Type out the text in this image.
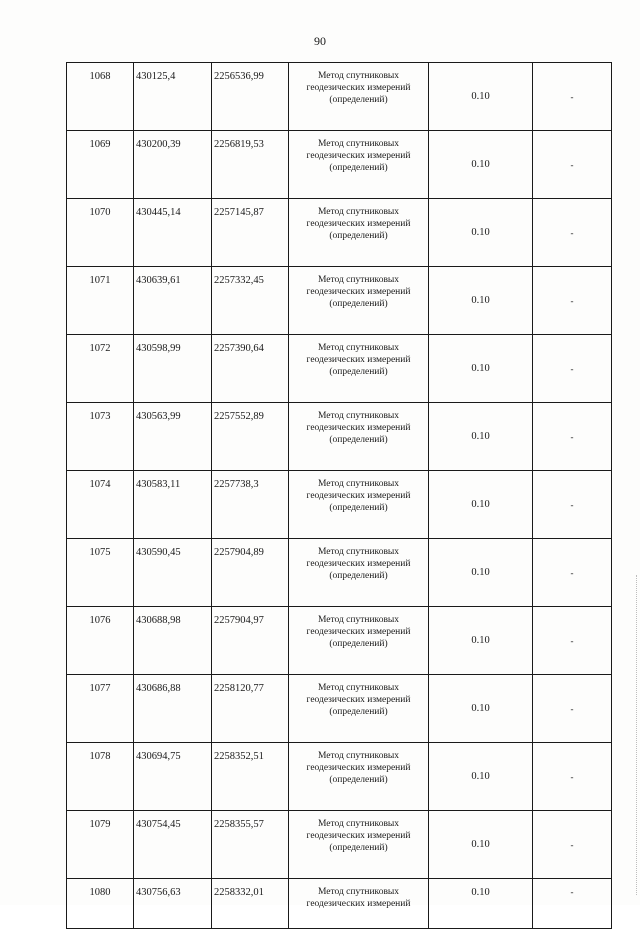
90
1068	430125,4	2256536,99	Метод спутниковых
геодезических измерений
(определений)	0.10	-
1069	430200,39	2256819,53	Метод спутниковых
геодезических измерений
(определений)	0.10	-
1070	430445,14	2257145,87	Метод спутниковых
геодезических измерений
(определений)	0.10	-
1071	430639,61	2257332,45	Метод спутниковых
геодезических измерений
(определений)	0.10	-
1072	430598,99	2257390,64	Метод спутниковых
геодезических измерений
(определений)	0.10	-
1073	430563,99	2257552,89	Метод спутниковых
геодезических измерений
(определений)	0.10	-
1074	430583,11	2257738,3	Метод спутниковых
геодезических измерений
(определений)	0.10	-
1075	430590,45	2257904,89	Метод спутниковых
геодезических измерений
(определений)	0.10	-
1076	430688,98	2257904,97	Метод спутниковых
геодезических измерений
(определений)	0.10	-
1077	430686,88	2258120,77	Метод спутниковых
геодезических измерений
(определений)	0.10	-
1078	430694,75	2258352,51	Метод спутниковых
геодезических измерений
(определений)	0.10	-
1079	430754,45	2258355,57	Метод спутниковых
геодезических измерений
(определений)	0.10	-
1080	430756,63	2258332,01	Метод спутниковых
геодезических измерений	0.10	-
